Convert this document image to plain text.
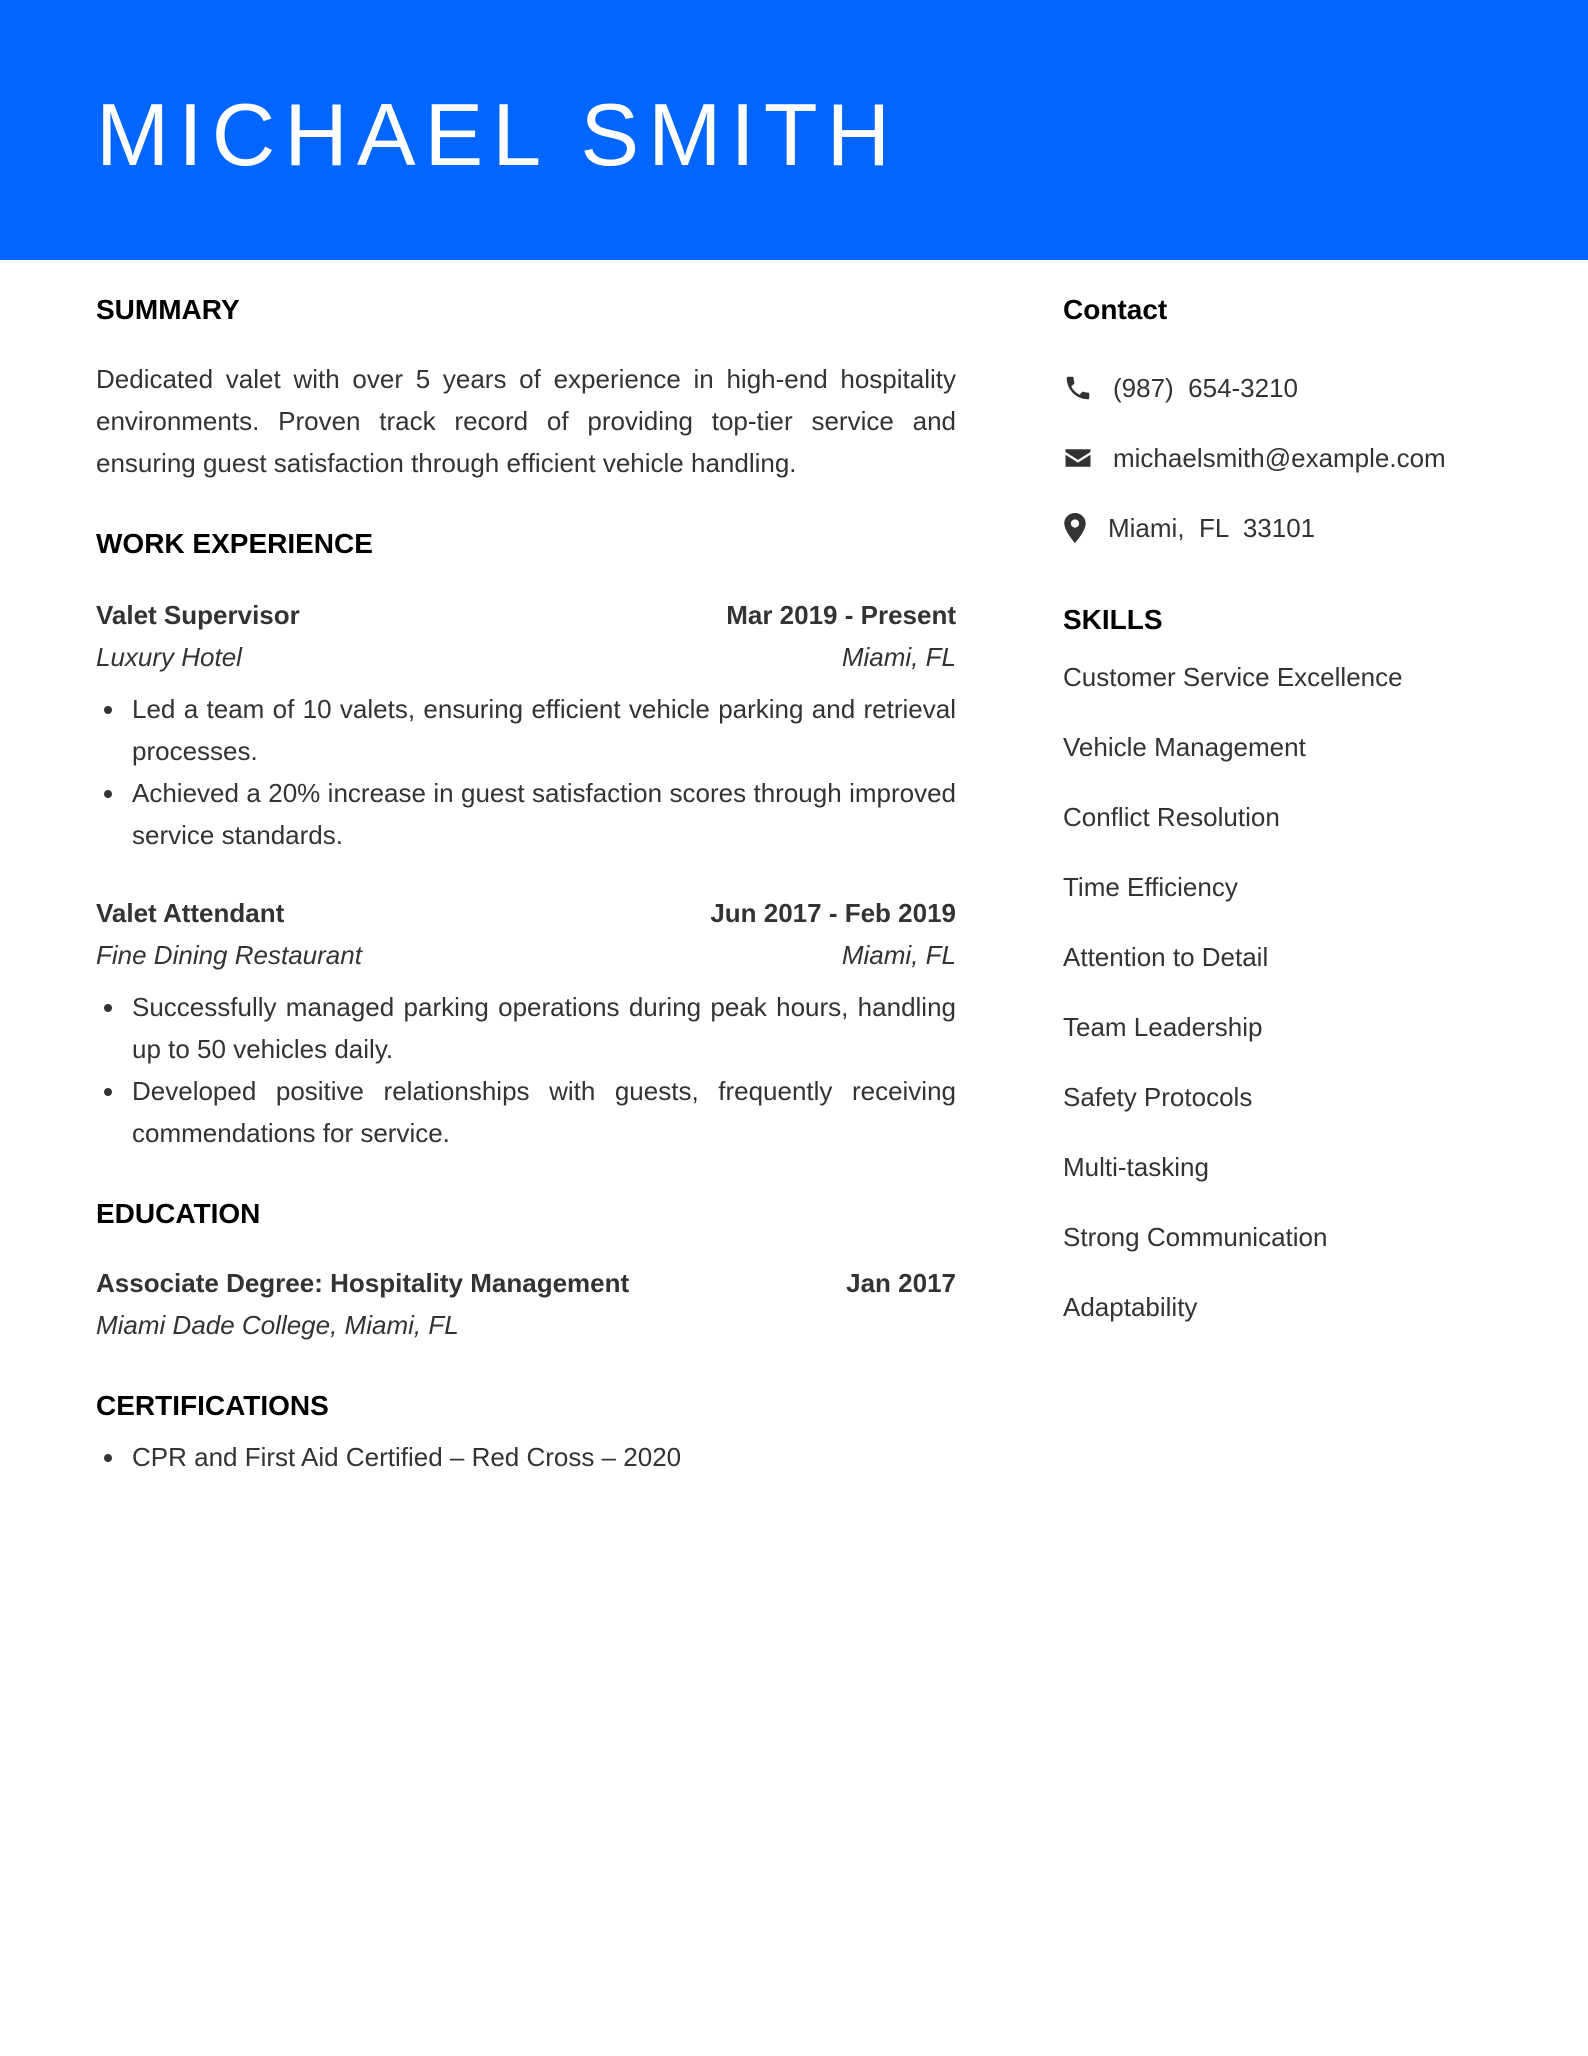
MICHAEL SMITH
SUMMARY

Dedicated valet with over 5 years of experience in high-end hospitality environments. Proven track record of providing top-tier service and ensuring guest satisfaction through efficient vehicle handling.

WORK EXPERIENCE
Valet Supervisor	Mar 2019 - Present
Luxury Hotel	Miami, FL
Led a team of 10 valets, ensuring efficient vehicle parking and retrieval processes.
Achieved a 20% increase in guest satisfaction scores through improved service standards.
Valet Attendant	Jun 2017 - Feb 2019
Fine Dining Restaurant	Miami, FL
Successfully managed parking operations during peak hours, handling up to 50 vehicles daily.
Developed positive relationships with guests, frequently receiving commendations for service.
EDUCATION
Associate Degree: Hospitality Management	Jan 2017
Miami Dade College, Miami, FL
CERTIFICATIONS
CPR and First Aid Certified – Red Cross – 2020
Contact
(987)  654-3210
michaelsmith@example.com
Miami,  FL  33101
SKILLS
Customer Service Excellence
Vehicle Management
Conflict Resolution
Time Efficiency
Attention to Detail
Team Leadership
Safety Protocols
Multi-tasking
Strong Communication
Adaptability
